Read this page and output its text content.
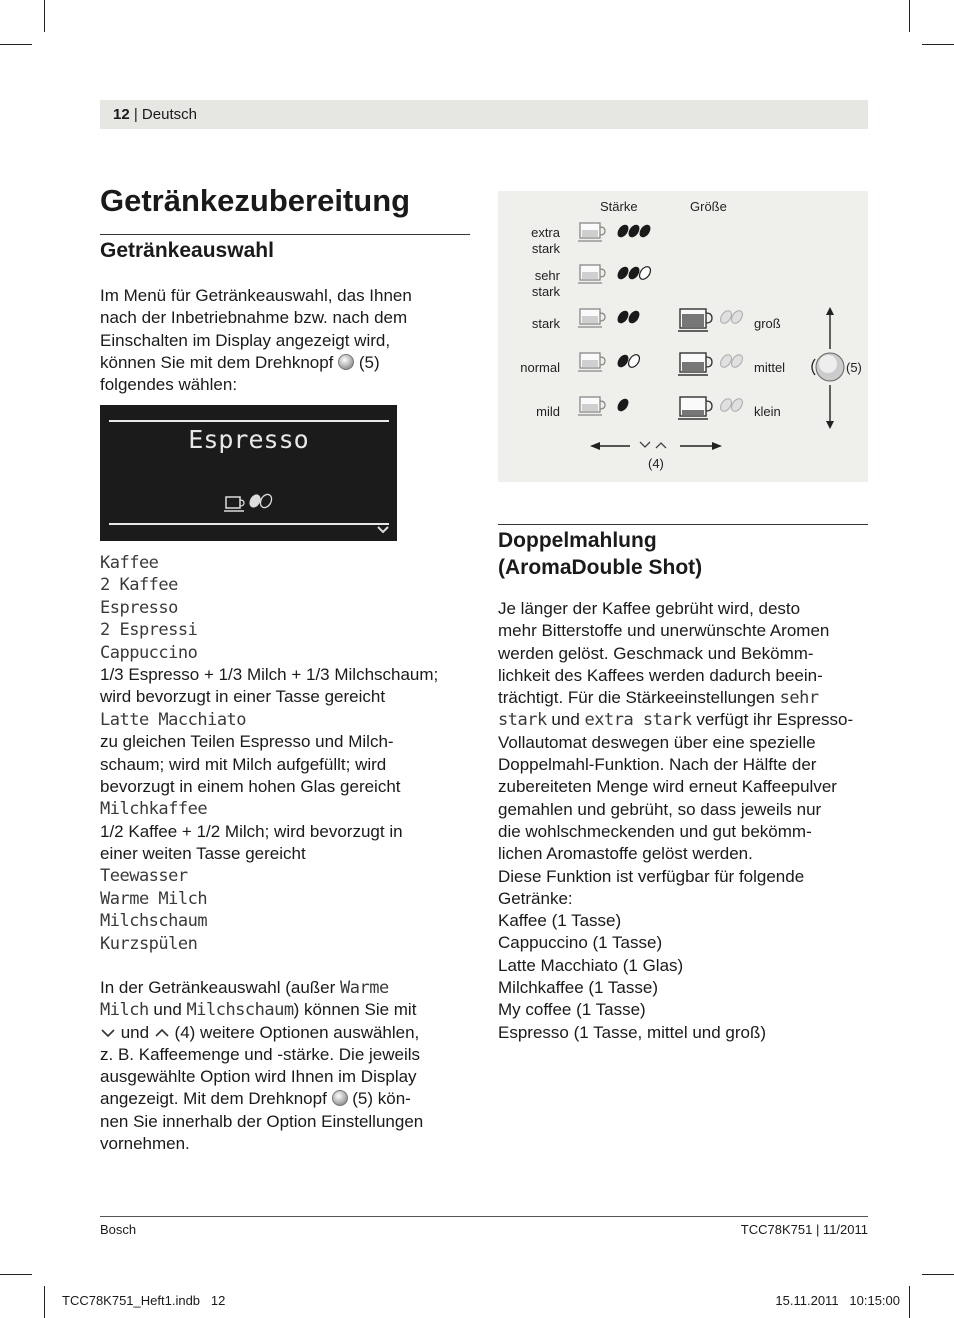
12 | Deutsch
Getränkezubereitung
Getränkeauswahl
Im Menü für Getränkeauswahl, das Ihnen
nach der Inbetriebnahme bzw. nach dem
Einschalten im Display angezeigt wird,
können Sie mit dem Drehknopf (5)
folgendes wählen:
Espresso
Kaffee
2 Kaffee
Espresso
2 Espressi
Cappuccino
1/3 Espresso + 1/3 Milch + 1/3 Milchschaum;
wird bevorzugt in einer Tasse gereicht
Latte Macchiato
zu gleichen Teilen Espresso und Milch-
schaum; wird mit Milch aufgefüllt; wird
bevorzugt in einem hohen Glas gereicht
Milchkaffee
1/2 Kaffee + 1/2 Milch; wird bevorzugt in
einer weiten Tasse gereicht
Teewasser
Warme Milch
Milchschaum
Kurzspülen
In der Getränkeauswahl (außer Warme
Milch und Milchschaum) können Sie mit
und  (4) weitere Optionen auswählen,
z. B. Kaffeemenge und -stärke. Die jeweils
ausgewählte Option wird Ihnen im Display
angezeigt. Mit dem Drehknopf  (5) kön-
nen Sie innerhalb der Option Einstellungen
vornehmen.
Stärke	Größe
extra
stark
sehr
stark
stark
normal
mild
groß
mittel
klein
(5)
(4)
Doppelmahlung
(AromaDouble Shot)
Je länger der Kaffee gebrüht wird, desto
mehr Bitterstoffe und unerwünschte Aromen
werden gelöst. Geschmack und Bekömm-
lichkeit des Kaffees werden dadurch beein-
trächtigt. Für die Stärkeeinstellungen sehr
stark und extra stark verfügt ihr Espresso-
Vollautomat deswegen über eine spezielle
Doppelmahl-Funktion. Nach der Hälfte der
zubereiteten Menge wird erneut Kaffeepulver
gemahlen und gebrüht, so dass jeweils nur
die wohlschmeckenden und gut bekömm-
lichen Aromastoffe gelöst werden.
Diese Funktion ist verfügbar für folgende
Getränke:
Kaffee (1 Tasse)
Cappuccino (1 Tasse)
Latte Macchiato (1 Glas)
Milchkaffee (1 Tasse)
My coffee (1 Tasse)
Espresso (1 Tasse, mittel und groß)
Bosch	TCC78K751 | 11/2011
TCC78K751_Heft1.indb   12	15.11.2011   10:15:00
